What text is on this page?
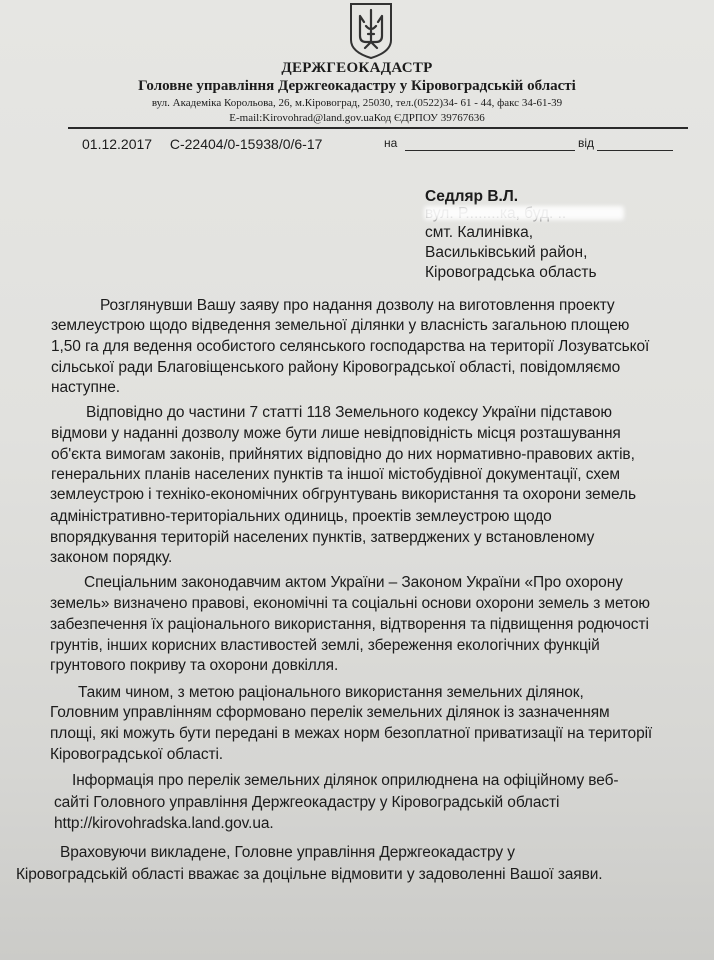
ДЕРЖГЕОКАДАСТР
Головне управління Держгеокадастру у Кіровоградській області
вул. Академіка Корольова, 26, м.Кіровоград, 25030, тел.(0522)34- 61 - 44, факс 34-61-39
E-mail:Kirovohrad@land.gov.uaКод ЄДРПОУ 39767636
01.12.2017 С-22404/0-15938/0/6-17	на	від
Седляр В.Л.
смт. Калинівка,
Васильківський район,
Кіровоградська область
Розглянувши Вашу заяву про надання дозволу на виготовлення проекту
землеустрою щодо відведення земельної ділянки у власність загальною площею
1,50 га для ведення особистого селянського господарства на території Лозуватської
сільської ради Благовіщенського району Кіровоградської області, повідомляємо
наступне.
Відповідно до частини 7 статті 118 Земельного кодексу України підставою
відмови у наданні дозволу може бути лише невідповідність місця розташування
об'єкта вимогам законів, прийнятих відповідно до них нормативно-правових актів,
генеральних планів населених пунктів та іншої містобудівної документації, схем
землеустрою і техніко-економічних обгрунтувань використання та охорони земель
адміністративно-територіальних одиниць, проектів землеустрою щодо
впорядкування територій населених пунктів, затверджених у встановленому
законом порядку.
Спеціальним законодавчим актом України – Законом України «Про охорону
земель» визначено правові, економічні та соціальні основи охорони земель з метою
забезпечення їх раціонального використання, відтворення та підвищення родючості
грунтів, інших корисних властивостей землі, збереження екологічних функцій
грунтового покриву та охорони довкілля.
Таким чином, з метою раціонального використання земельних ділянок,
Головним управлінням сформовано перелік земельних ділянок із зазначенням
площі, які можуть бути передані в межах норм безоплатної приватизації на території
Кіровоградської області.
Інформація про перелік земельних ділянок оприлюднена на офіційному веб-
сайті Головного управління Держгеокадастру у Кіровоградській області
http://kirovohradska.land.gov.ua.
Враховуючи викладене, Головне управління Держгеокадастру у
Кіровоградській області вважає за доцільне відмовити у задоволенні Вашої заяви.
